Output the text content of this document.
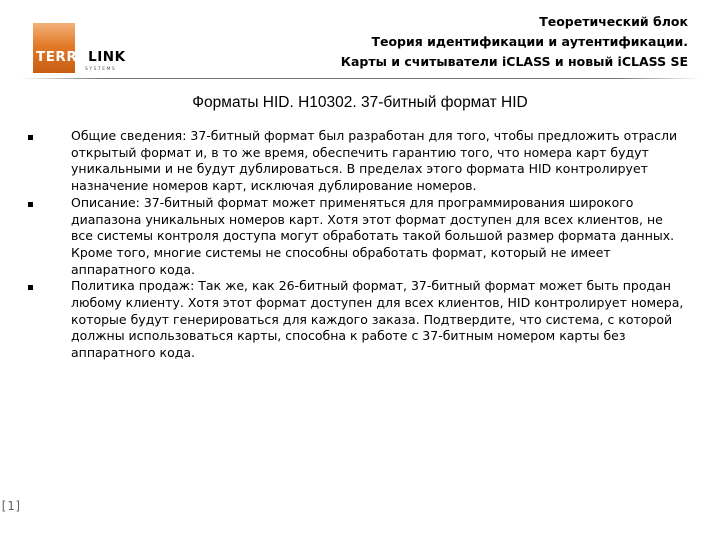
TERRALINK
SYSTEMS
Теоретический блок
Теория идентификации и аутентификации.
Карты и считыватели iCLASS и новый iCLASS SE
Форматы HID. H10302. 37-битный формат HID
Общие сведения: 37-битный формат был разработан для того, чтобы предложить отрасли открытый формат и, в то же время, обеспечить гарантию того, что номера карт будут уникальными и не будут дублироваться. В пределах этого формата HID контролирует назначение номеров карт, исключая дублирование номеров.
Описание: 37-битный формат может применяться для программирования широкого диапазона уникальных номеров карт. Хотя этот формат доступен для всех клиентов, не все системы контроля доступа могут обработать такой большой размер формата данных. Кроме того, многие системы не способны обработать формат, который не имеет аппаратного кода.
Политика продаж: Так же, как 26-битный формат, 37-битный формат может быть продан любому клиенту. Хотя этот формат доступен для всех клиентов, HID контролирует номера, которые будут генерироваться для каждого заказа. Подтвердите, что система, с которой должны использоваться карты, способна к работе с 37-битным номером карты без аппаратного кода.
[1]
